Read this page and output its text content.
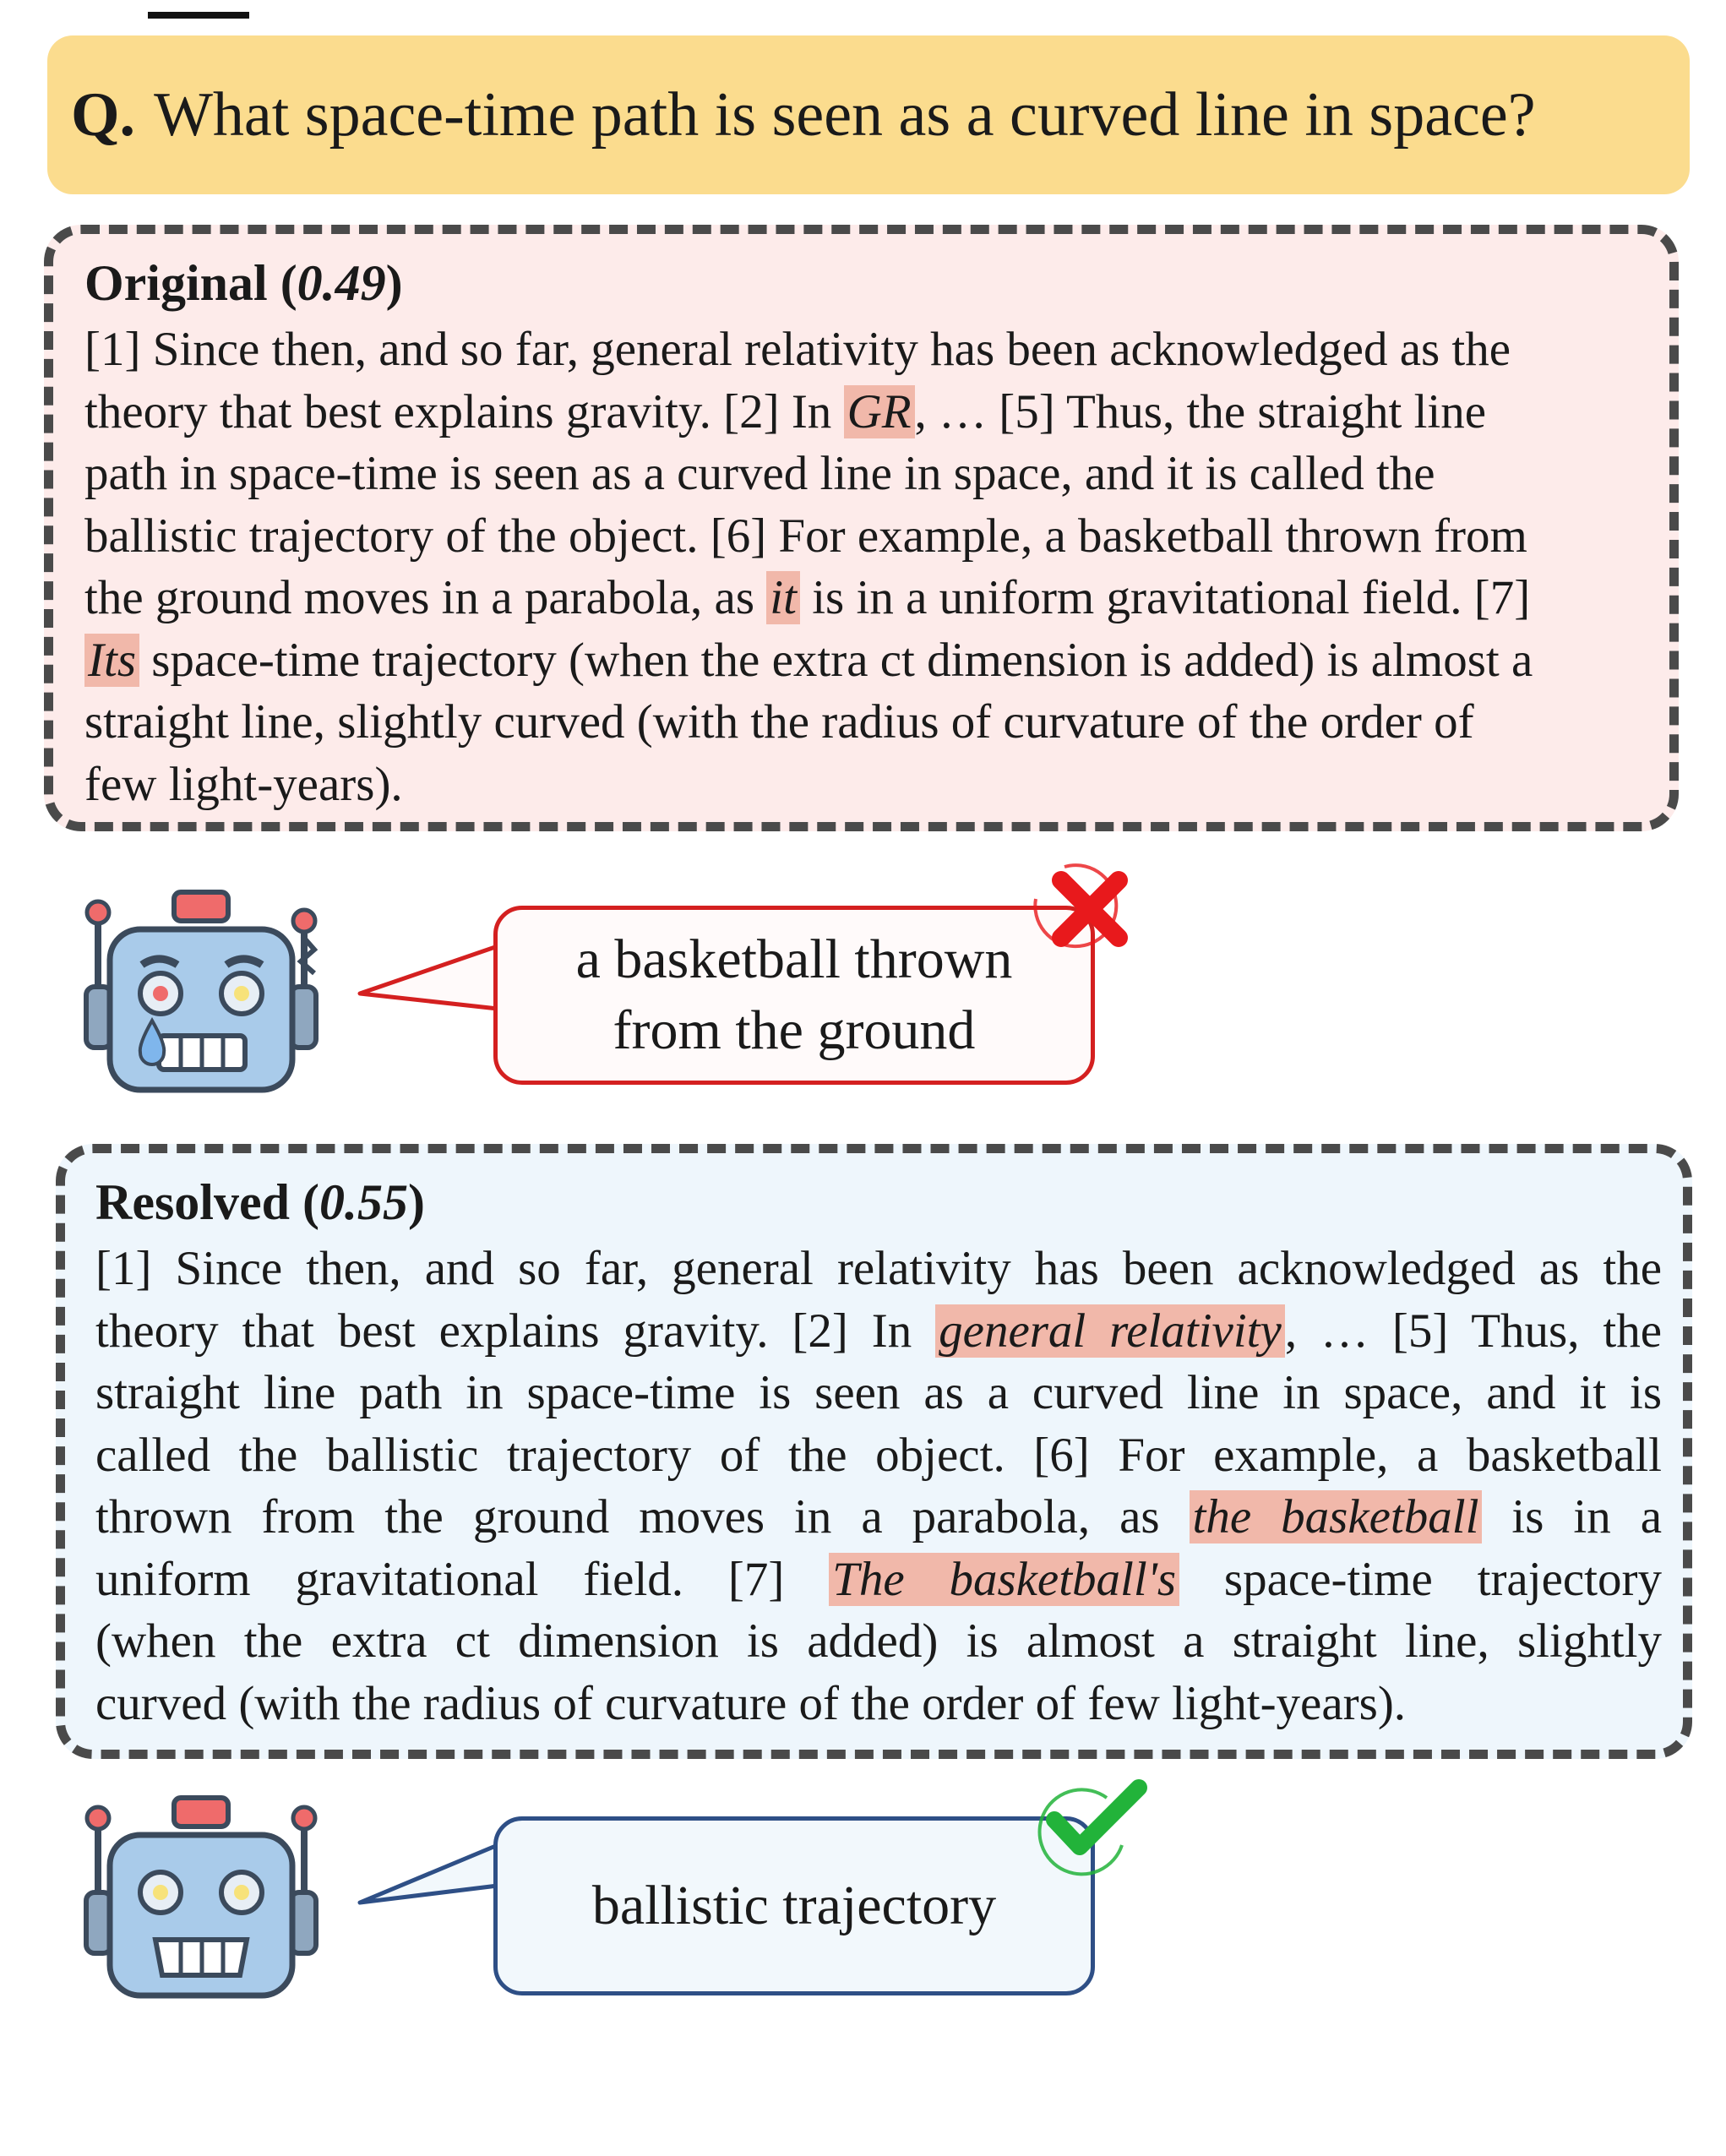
Q. What space-time path is seen as a curved line in space?
Original (0.49)
[1] Since then, and so far, general relativity has been acknowledged as the
theory that best explains gravity. [2] In GR, … [5] Thus, the straight line
path in space-time is seen as a curved line in space, and it is called the
ballistic trajectory of the object. [6] For example, a basketball thrown from
the ground moves in a parabola, as it is in a uniform gravitational field. [7]
Its space-time trajectory (when the extra ct dimension is added) is almost a
straight line, slightly curved (with the radius of curvature of the order of
few light-years).
a basketball thrown
from the ground
Resolved (0.55)
[1] Since then, and so far, general relativity has been acknowledged as the
theory that best explains gravity. [2] In general relativity, … [5] Thus, the
straight line path in space-time is seen as a curved line in space, and it is
called the ballistic trajectory of the object. [6] For example, a basketball
thrown from the ground moves in a parabola, as the basketball is in a
uniform gravitational field. [7] The basketball's space-time trajectory
(when the extra ct dimension is added) is almost a straight line, slightly
curved (with the radius of curvature of the order of few light-years).
ballistic trajectory
